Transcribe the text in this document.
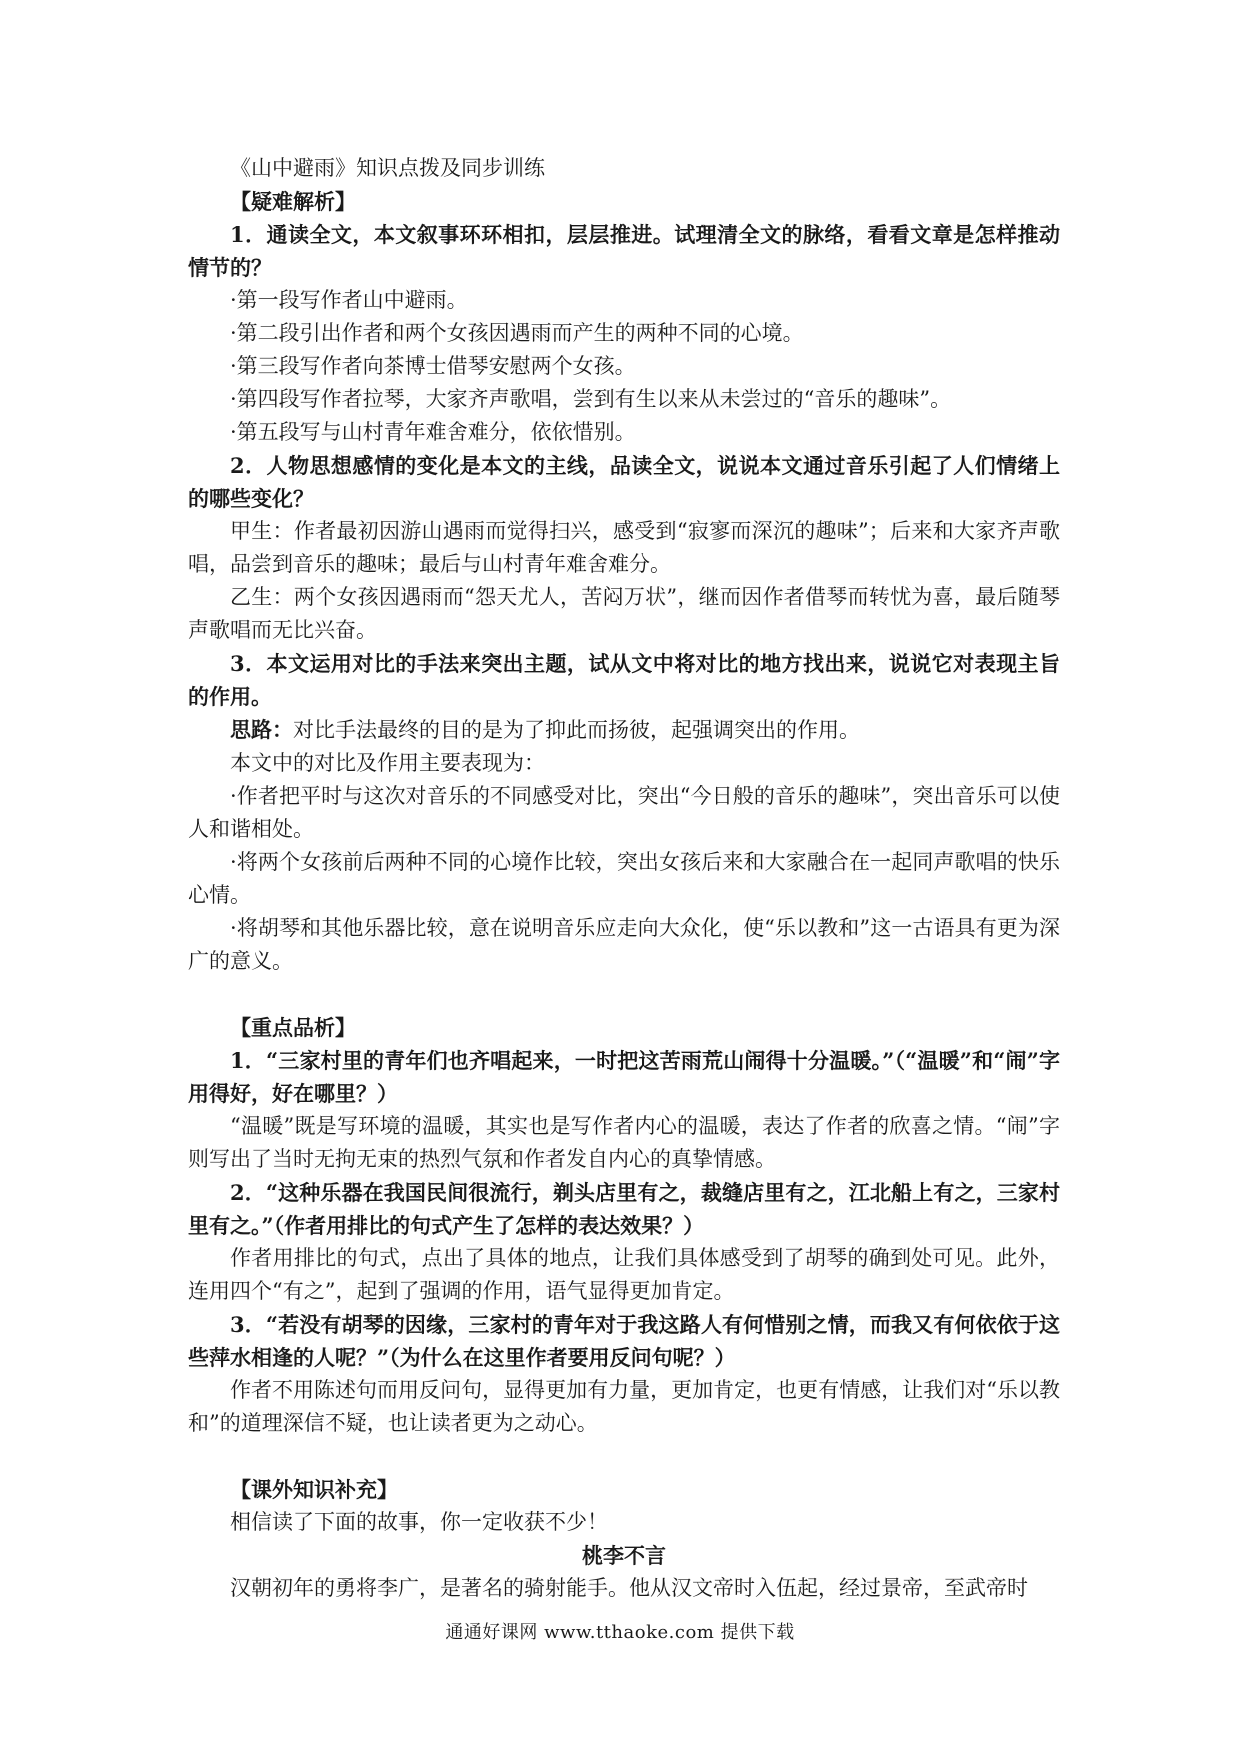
《山中避雨》知识点拨及同步训练
【疑难解析】
1．通读全文，本文叙事环环相扣，层层推进。试理清全文的脉络，看看文章是怎样推动情节的？
·第一段写作者山中避雨。
·第二段引出作者和两个女孩因遇雨而产生的两种不同的心境。
·第三段写作者向茶博士借琴安慰两个女孩。
·第四段写作者拉琴，大家齐声歌唱，尝到有生以来从未尝过的“音乐的趣味”。
·第五段写与山村青年难舍难分，依依惜别。
2．人物思想感情的变化是本文的主线，品读全文，说说本文通过音乐引起了人们情绪上的哪些变化？
甲生：作者最初因游山遇雨而觉得扫兴，感受到“寂寥而深沉的趣味”；后来和大家齐声歌唱，品尝到音乐的趣味；最后与山村青年难舍难分。
乙生：两个女孩因遇雨而“怨天尤人，苦闷万状”，继而因作者借琴而转忧为喜，最后随琴声歌唱而无比兴奋。
3．本文运用对比的手法来突出主题，试从文中将对比的地方找出来，说说它对表现主旨的作用。
思路：对比手法最终的目的是为了抑此而扬彼，起强调突出的作用。
本文中的对比及作用主要表现为：
·作者把平时与这次对音乐的不同感受对比，突出“今日般的音乐的趣味”，突出音乐可以使人和谐相处。
·将两个女孩前后两种不同的心境作比较，突出女孩后来和大家融合在一起同声歌唱的快乐心情。
·将胡琴和其他乐器比较，意在说明音乐应走向大众化，使“乐以教和”这一古语具有更为深广的意义。
【重点品析】
1．“三家村里的青年们也齐唱起来，一时把这苦雨荒山闹得十分温暖。”（“温暖”和“闹”字用得好，好在哪里？）
“温暖”既是写环境的温暖，其实也是写作者内心的温暖，表达了作者的欣喜之情。“闹”字则写出了当时无拘无束的热烈气氛和作者发自内心的真挚情感。
2．“这种乐器在我国民间很流行，剃头店里有之，裁缝店里有之，江北船上有之，三家村里有之。”（作者用排比的句式产生了怎样的表达效果？）
作者用排比的句式，点出了具体的地点，让我们具体感受到了胡琴的确到处可见。此外，连用四个“有之”，起到了强调的作用，语气显得更加肯定。
3．“若没有胡琴的因缘，三家村的青年对于我这路人有何惜别之情，而我又有何依依于这些萍水相逢的人呢？”（为什么在这里作者要用反问句呢？）
作者不用陈述句而用反问句，显得更加有力量，更加肯定，也更有情感，让我们对“乐以教和”的道理深信不疑，也让读者更为之动心。
【课外知识补充】
相信读了下面的故事，你一定收获不少！
桃李不言
汉朝初年的勇将李广，是著名的骑射能手。他从汉文帝时入伍起，经过景帝，至武帝时
通通好课网 www.tthaoke.com 提供下载
